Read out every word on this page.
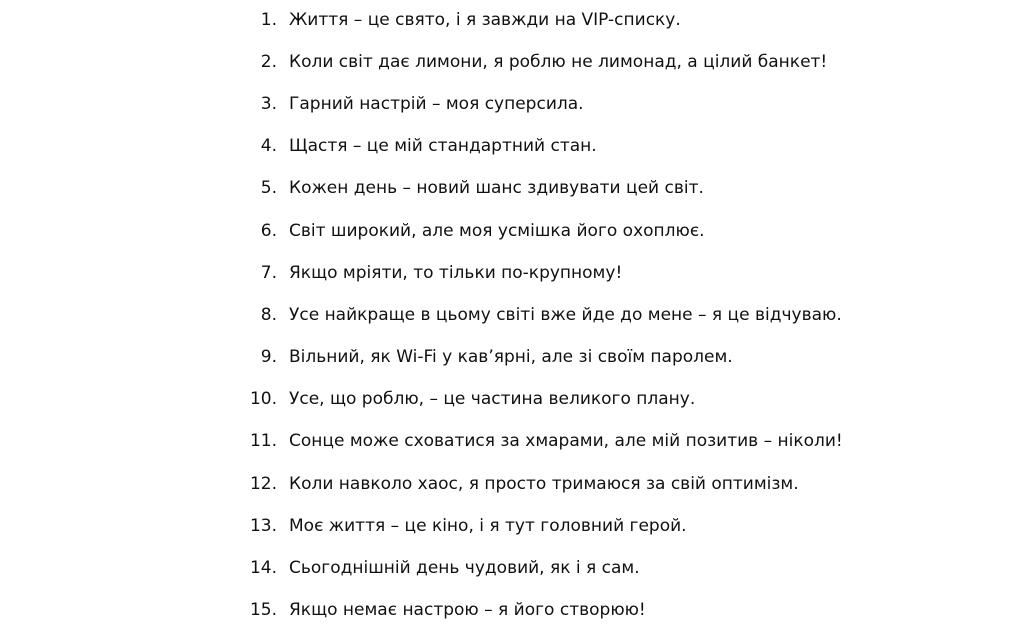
1. Життя – це свято, і я завжди на VIP-списку.
2. Коли світ дає лимони, я роблю не лимонад, а цілий банкет!
3. Гарний настрій – моя суперсила.
4. Щастя – це мій стандартний стан.
5. Кожен день – новий шанс здивувати цей світ.
6. Світ широкий, але моя усмішка його охоплює.
7. Якщо мріяти, то тільки по-крупному!
8. Усе найкраще в цьому світі вже йде до мене – я це відчуваю.
9. Вільний, як Wi-Fi у кав’ярні, але зі своїм паролем.
10. Усе, що роблю, – це частина великого плану.
11. Сонце може сховатися за хмарами, але мій позитив – ніколи!
12. Коли навколо хаос, я просто тримаюся за свій оптимізм.
13. Моє життя – це кіно, і я тут головний герой.
14. Сьогоднішній день чудовий, як і я сам.
15. Якщо немає настрою – я його створюю!
